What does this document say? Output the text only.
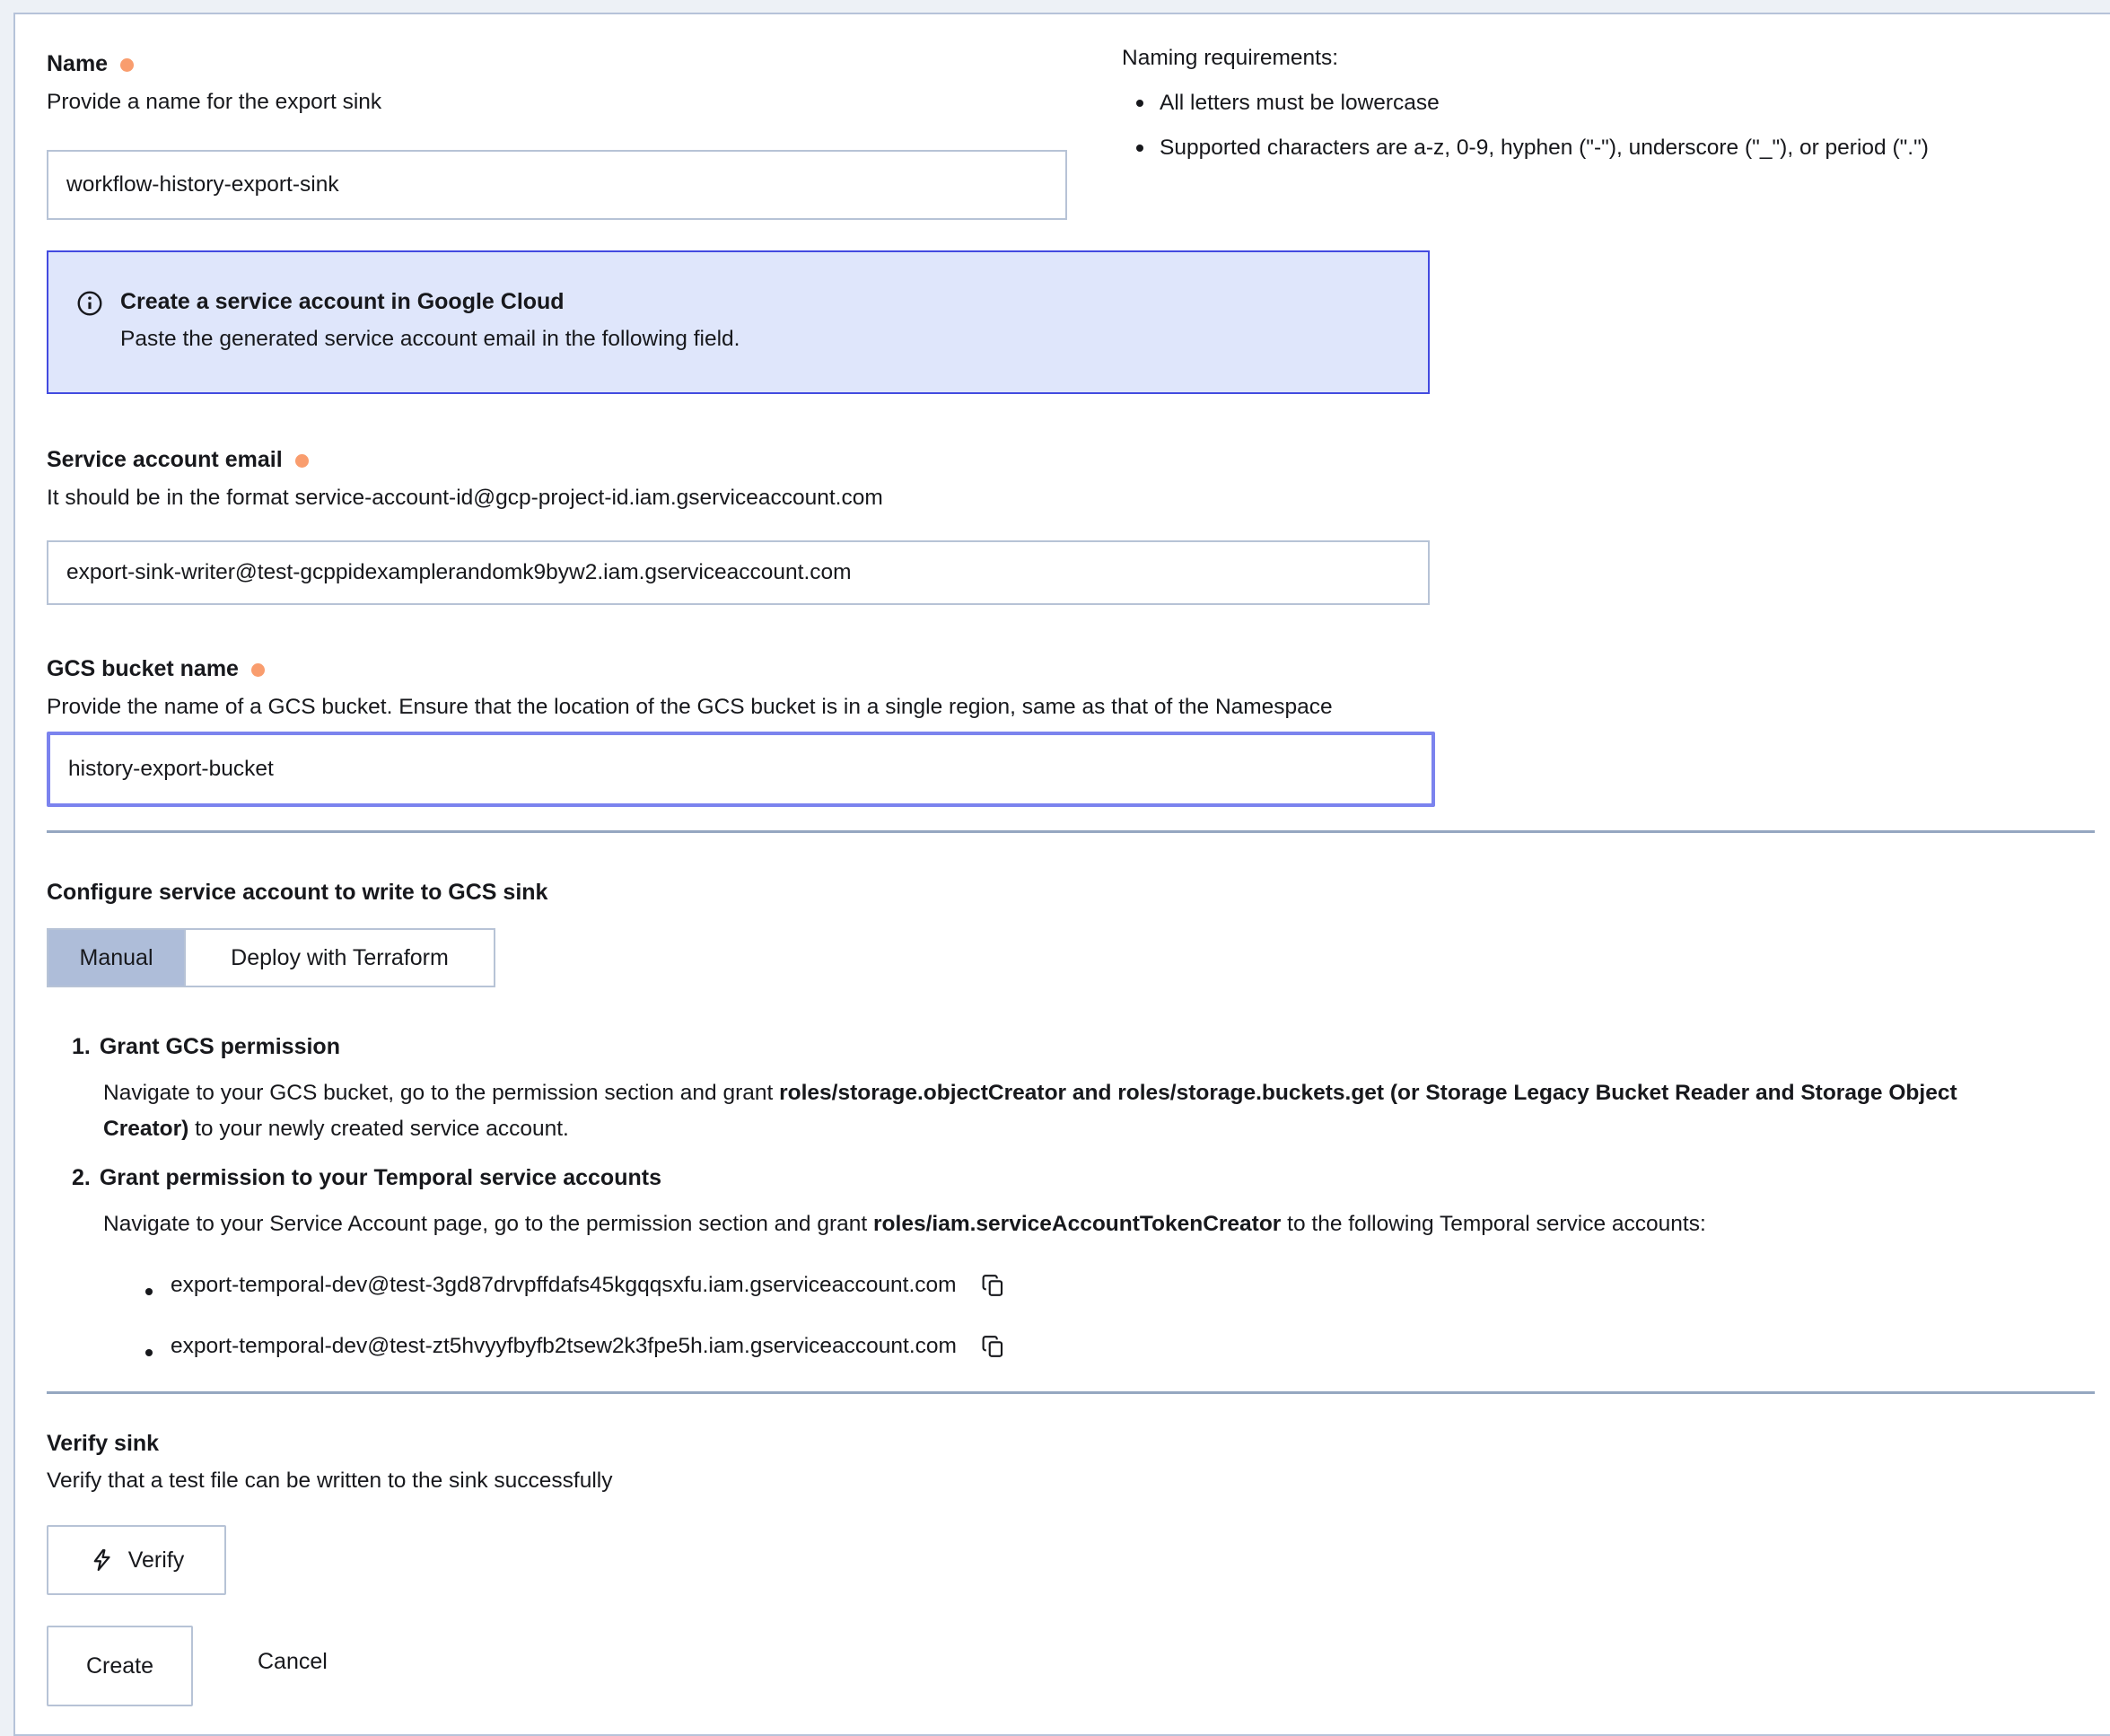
Name
Provide a name for the export sink
workflow-history-export-sink
Naming requirements:
All letters must be lowercase
Supported characters are a-z, 0-9, hyphen ("-"), underscore ("_"), or period (".")
Create a service account in Google Cloud
Paste the generated service account email in the following field.
Service account email
It should be in the format service-account-id@gcp-project-id.iam.gserviceaccount.com
export-sink-writer@test-gcppidexamplerandomk9byw2.iam.gserviceaccount.com
GCS bucket name
Provide the name of a GCS bucket. Ensure that the location of the GCS bucket is in a single region, same as that of the Namespace
history-export-bucket
Configure service account to write to GCS sink
Manual	Deploy with Terraform
1. Grant GCS permission
Navigate to your GCS bucket, go to the permission section and grant roles/storage.objectCreator and roles/storage.buckets.get (or Storage Legacy Bucket Reader and Storage Object Creator) to your newly created service account.
2. Grant permission to your Temporal service accounts
Navigate to your Service Account page, go to the permission section and grant roles/iam.serviceAccountTokenCreator to the following Temporal service accounts:
export-temporal-dev@test-3gd87drvpffdafs45kgqqsxfu.iam.gserviceaccount.com
export-temporal-dev@test-zt5hvyyfbyfb2tsew2k3fpe5h.iam.gserviceaccount.com
Verify sink
Verify that a test file can be written to the sink successfully
Verify
Create	Cancel
